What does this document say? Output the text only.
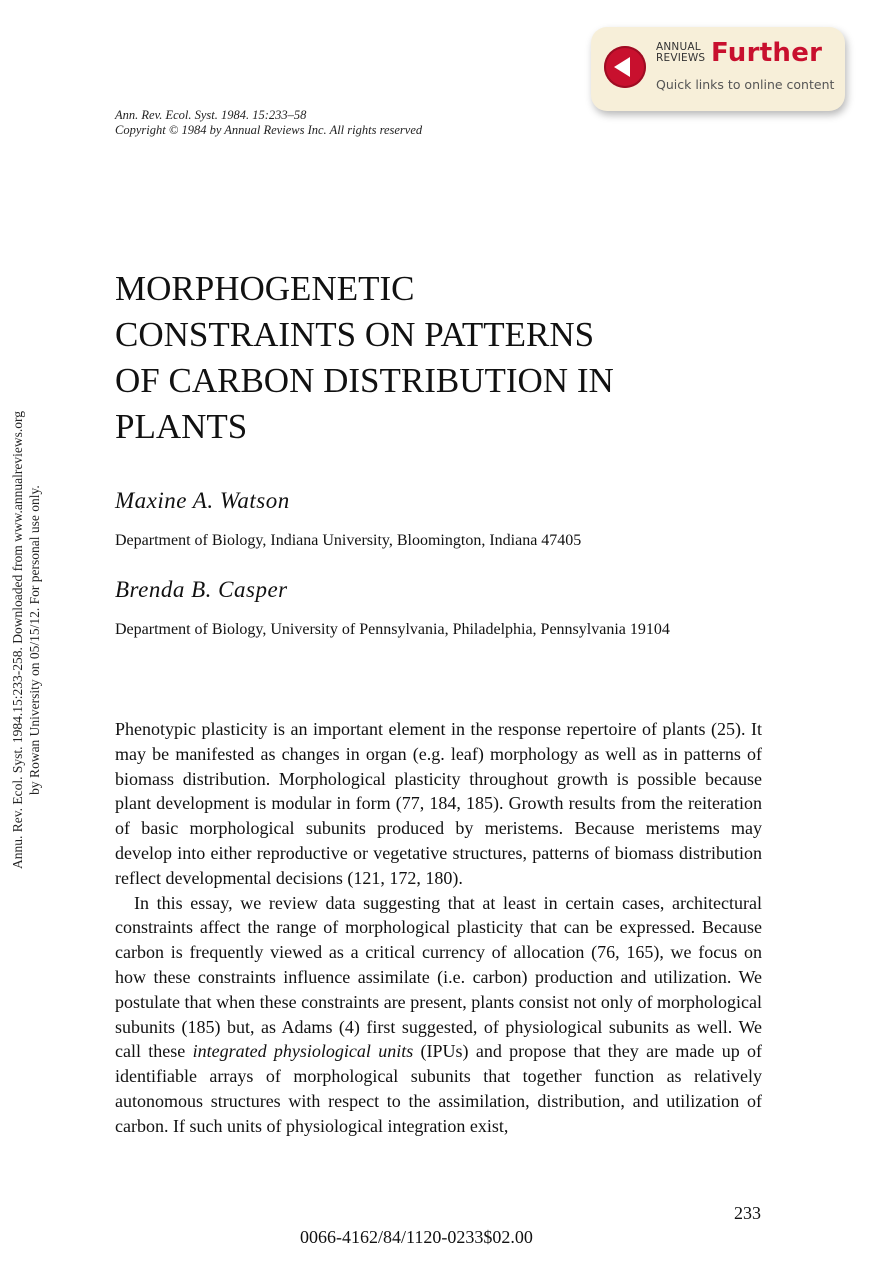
ANNUAL
REVIEWS Further
Quick links to online content
Ann. Rev. Ecol. Syst. 1984. 15:233–58
Copyright © 1984 by Annual Reviews Inc. All rights reserved
Annu. Rev. Ecol. Syst. 1984.15:233-258. Downloaded from www.annualreviews.org by Rowan University on 05/15/12. For personal use only.
MORPHOGENETIC
CONSTRAINTS ON PATTERNS
OF CARBON DISTRIBUTION IN
PLANTS
Maxine A. Watson
Department of Biology, Indiana University, Bloomington, Indiana 47405
Brenda B. Casper
Department of Biology, University of Pennsylvania, Philadelphia, Pennsylvania 19104

Phenotypic plasticity is an important element in the response repertoire of plants (25). It may be manifested as changes in organ (e.g. leaf) morphology as well as in patterns of biomass distribution. Morphological plasticity throughout growth is possible because plant development is modular in form (77, 184, 185). Growth results from the reiteration of basic morphological subunits produced by meristems. Because meristems may develop into either reproductive or vegetative structures, patterns of biomass distribution reflect developmental decisions (121, 172, 180).

In this essay, we review data suggesting that at least in certain cases, architectural constraints affect the range of morphological plasticity that can be expressed. Because carbon is frequently viewed as a critical currency of allocation (76, 165), we focus on how these constraints influence assimilate (i.e. carbon) production and utilization. We postulate that when these constraints are present, plants consist not only of morphological subunits (185) but, as Adams (4) first suggested, of physiological subunits as well. We call these integrated physiological units (IPUs) and propose that they are made up of identifiable arrays of morphological subunits that together function as relatively autonomous structures with respect to the assimilation, distribution, and utilization of carbon. If such units of physiological integration exist,

233
0066-4162/84/1120-0233$02.00
